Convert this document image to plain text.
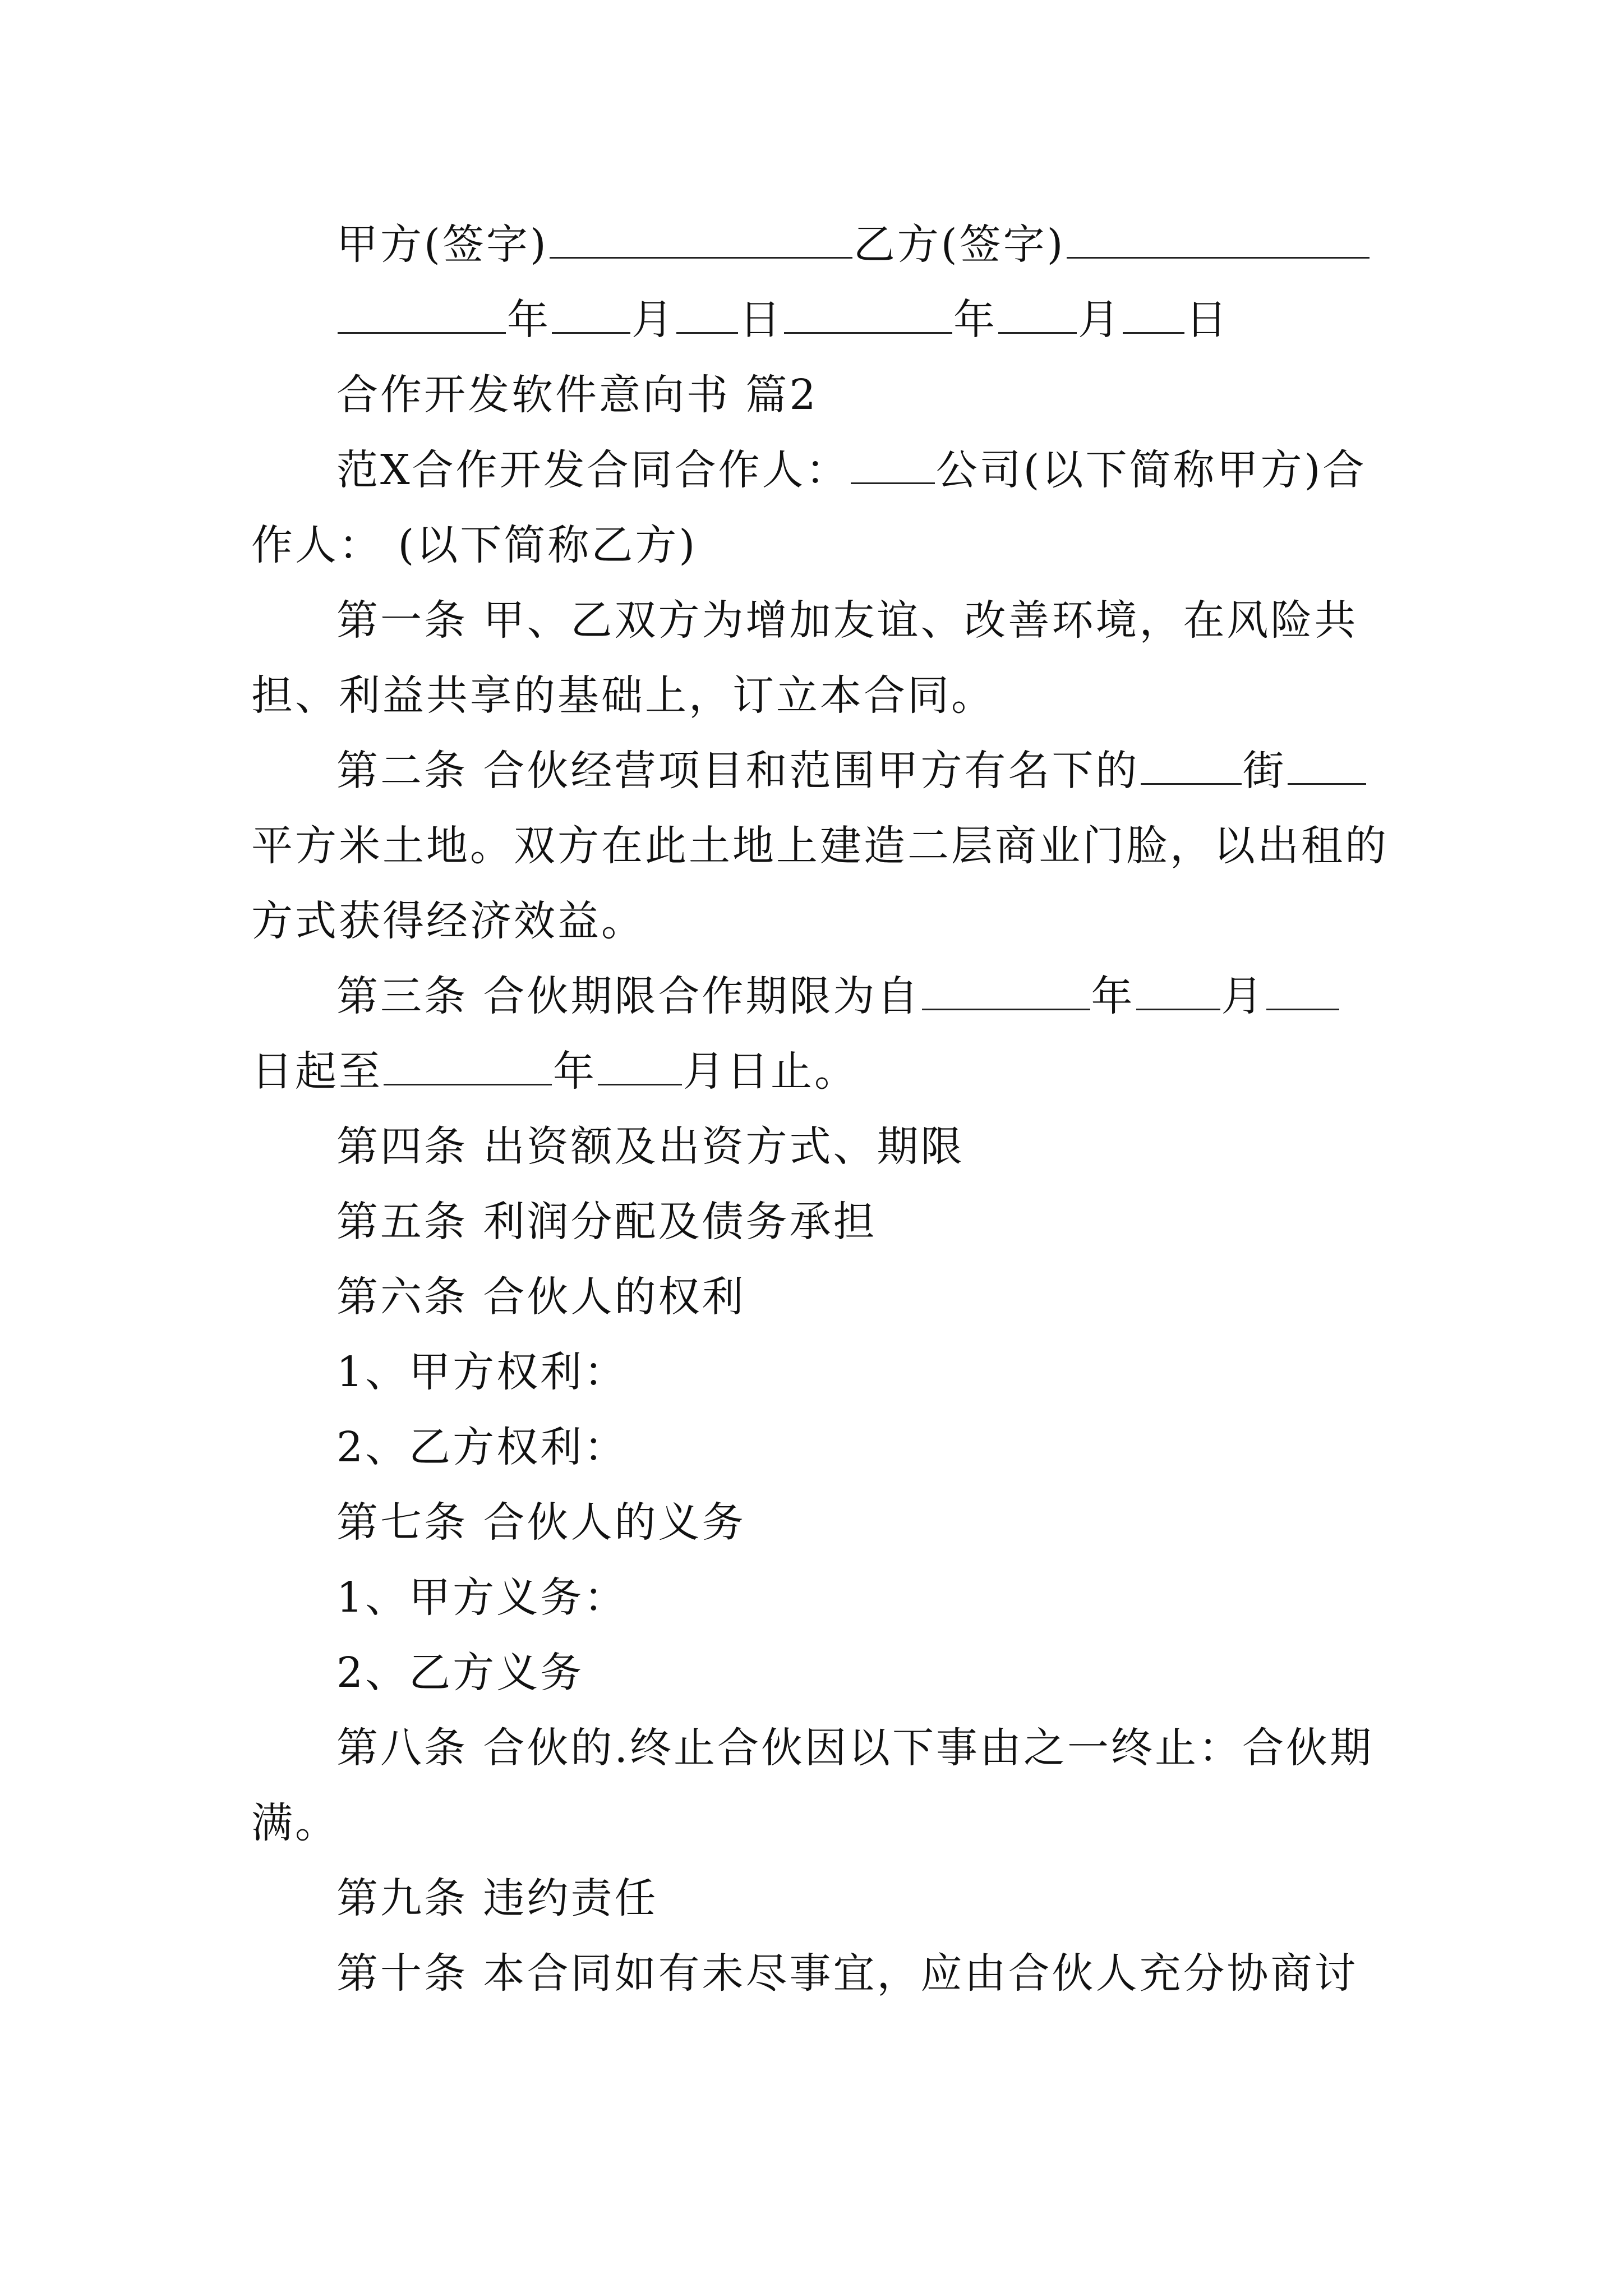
甲方(签字)	乙方(签字)
年 月 日	年 月 日
合作开发软件意向书 篇2
范X合作开发合同合作人： 公司(以下简称甲方)合
作人： (以下简称乙方)
第一条 甲、乙双方为增加友谊、改善环境，在风险共
担、利益共享的基础上，订立本合同。
第二条 合伙经营项目和范围甲方有名下的 街
平方米土地。双方在此土地上建造二层商业门脸，以出租的
方式获得经济效益。
第三条 合伙期限合作期限为自	年 月
日起至	年 月日止。
第四条 出资额及出资方式、期限
第五条 利润分配及债务承担
第六条 合伙人的权利
1、甲方权利：
2、乙方权利：
第七条 合伙人的义务
1、甲方义务：
2、乙方义务
第八条 合伙的.终止合伙因以下事由之一终止：合伙期
满。
第九条 违约责任
第十条 本合同如有未尽事宜，应由合伙人充分协商讨
